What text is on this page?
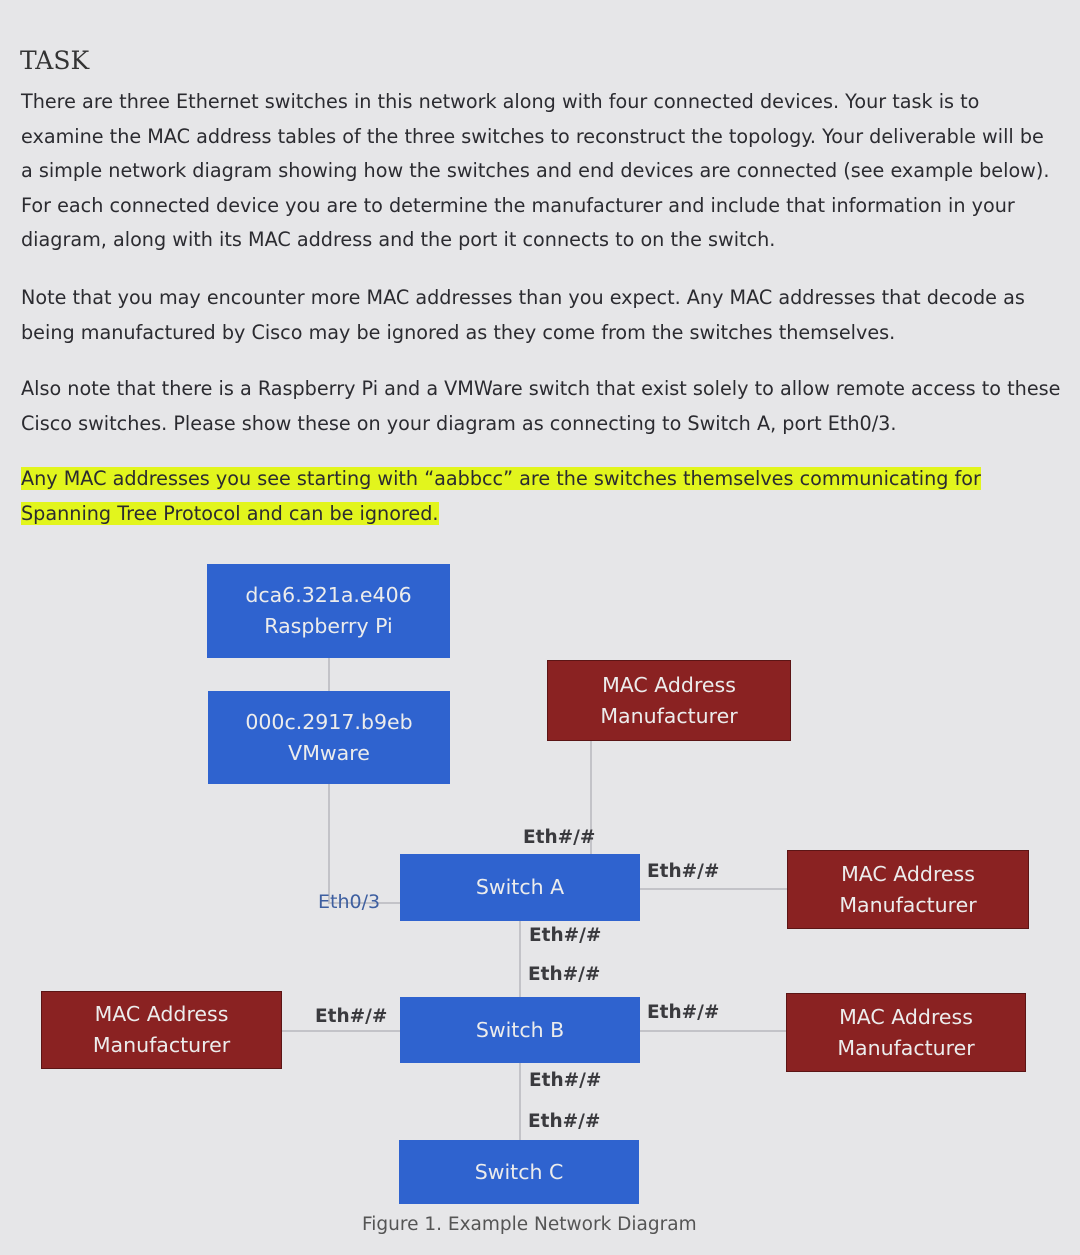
TASK

There are three Ethernet switches in this network along with four connected devices. Your task is to examine the MAC address tables of the three switches to reconstruct the topology. Your deliverable will be a simple network diagram showing how the switches and end devices are connected (see example below). For each connected device you are to determine the manufacturer and include that information in your diagram, along with its MAC address and the port it connects to on the switch.

Note that you may encounter more MAC addresses than you expect. Any MAC addresses that decode as being manufactured by Cisco may be ignored as they come from the switches themselves.

Also note that there is a Raspberry Pi and a VMWare switch that exist solely to allow remote access to these Cisco switches. Please show these on your diagram as connecting to Switch A, port Eth0/3.

Any MAC addresses you see starting with “aabbcc” are the switches themselves communicating for Spanning Tree Protocol and can be ignored.

dca6.321a.e406
Raspberry Pi
000c.2917.b9eb
VMware
MAC Address
Manufacturer
MAC Address
Manufacturer
MAC Address
Manufacturer
MAC Address
Manufacturer
Switch A
Switch B
Switch C
Eth#/#
Eth0/3
Eth#/#
Eth#/#
Eth#/#
Eth#/#	Eth#/#
Eth#/#
Eth#/#
Figure 1. Example Network Diagram
